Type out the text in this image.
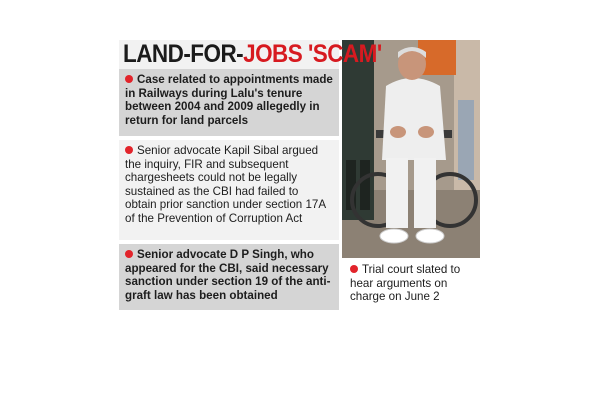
LAND-FOR-JOBS 'SCAM'
Case related to appointments made in Railways during Lalu's tenure between 2004 and 2009 allegedly in return for land parcels
Senior advocate Kapil Sibal argued the inquiry, FIR and subsequent chargesheets could not be legally sustained as the CBI had failed to obtain prior sanction under section 17A of the Prevention of Corruption Act
Senior advocate D P Singh, who appeared for the CBI, said necessary sanction under section 19 of the anti-graft law has been obtained
Trial court slated to hear arguments on charge on June 2
